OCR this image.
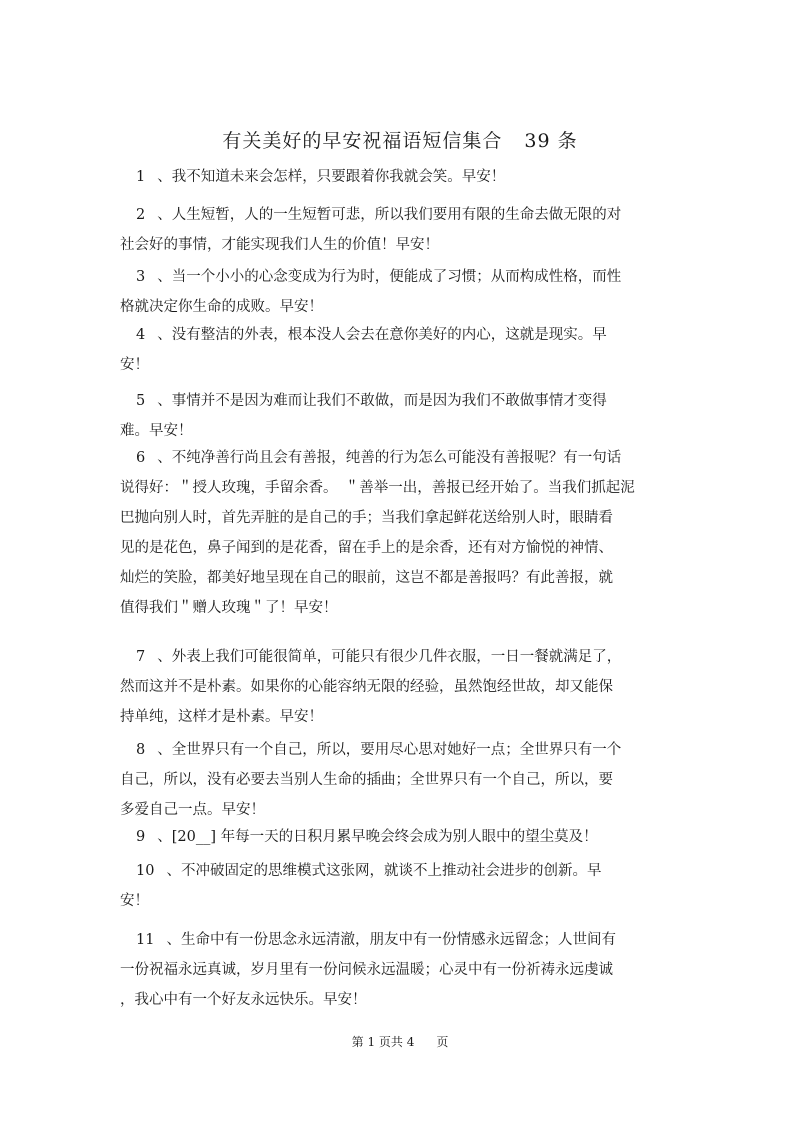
有关美好的早安祝福语短信集合 39 条
1 、我不知道未来会怎样，只要跟着你我就会笑。早安！
2 、人生短暂，人的一生短暂可悲，所以我们要用有限的生命去做无限的对
社会好的事情，才能实现我们人生的价值！早安！
3 、当一个小小的心念变成为行为时，便能成了习惯；从而构成性格，而性
格就决定你生命的成败。早安！
4 、没有整洁的外表，根本没人会去在意你美好的内心，这就是现实。早
安！
5 、事情并不是因为难而让我们不敢做，而是因为我们不敢做事情才变得
难。早安！
6 、不纯净善行尚且会有善报，纯善的行为怎么可能没有善报呢？有一句话
说得好：＂授人玫瑰，手留余香。　＂善举一出，善报已经开始了。当我们抓起泥
巴抛向别人时，首先弄脏的是自己的手；当我们拿起鲜花送给别人时，眼睛看
见的是花色，鼻子闻到的是花香，留在手上的是余香，还有对方愉悦的神情、
灿烂的笑脸，都美好地呈现在自己的眼前，这岂不都是善报吗？有此善报，就
值得我们＂赠人玫瑰＂了！早安！
7 、外表上我们可能很简单，可能只有很少几件衣服，一日一餐就满足了，
然而这并不是朴素。如果你的心能容纳无限的经验，虽然饱经世故，却又能保
持单纯，这样才是朴素。早安！
8 、全世界只有一个自己，所以，要用尽心思对她好一点；全世界只有一个
自己，所以，没有必要去当别人生命的插曲；全世界只有一个自己，所以，要
多爱自己一点。早安！
9 、[20__] 年每一天的日积月累早晚会终会成为别人眼中的望尘莫及！
10 、不冲破固定的思维模式这张网，就谈不上推动社会进步的创新。早
安！
11 、生命中有一份思念永远清澈，朋友中有一份情感永远留念；人世间有
一份祝福永远真诚，岁月里有一份问候永远温暖；心灵中有一份祈祷永远虔诚
，我心中有一个好友永远快乐。早安！
第 1 页共 4 页
